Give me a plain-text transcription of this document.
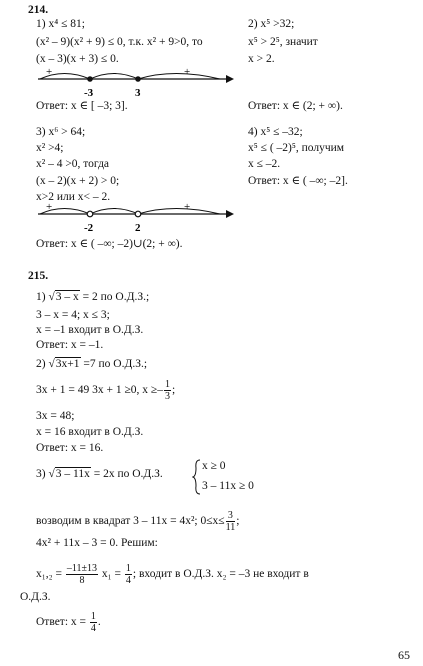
214.
1) x⁴ ≤ 81;
(x² – 9)(x² + 9) ≤ 0, т.к. x² + 9>0, то
(x – 3)(x + 3) ≤ 0.
+	-	+
-3	3
Ответ: x ∈ [ –3; 3].
2) x⁵ >32;
x⁵ > 2⁵, значит
x > 2.
Ответ: x ∈ (2; + ∞).
3) x⁶ > 64;
x² >4;
x² – 4 >0, тогда
(x – 2)(x + 2) > 0;
x>2 или x< – 2.
+	-	+
-2	2
Ответ: x ∈ ( –∞; –2)∪(2; + ∞).
4) x⁵ ≤ –32;
x⁵ ≤ ( –2)⁵, получим
x ≤ –2.
Ответ: x ∈ ( –∞; –2].
215.
1) √3 – x = 2 по О.Д.З.;
3 – x = 4; x ≤ 3;
x = –1 входит в О.Д.З.
Ответ: x = –1.
2) √3x+1 =7 по О.Д.З.;
3x + 1 = 49 3x + 1 ≥0, $x \ge- \frac{1}{3}$ ;
3x = 48;
x = 16 входит в О.Д.З.
Ответ: x = 16.
3) √3 – 11x = 2x по О.Д.З.
x ≥ 0
3 – 11x ≥ 0
возводим в квадрат 3 – 11x = 4x²; $0\le x\le \frac{3}{11}$ ;
4x² + 11x – 3 = 0. Решим:
$x_1,_2 = \frac{-11\pm 13}{8} x_1 = \frac{1}{4}$ ; входит в О.Д.З. x₂ = –3 не входит в
О.Д.З.
Ответ: $x = \frac{1}{4}$ .
65
